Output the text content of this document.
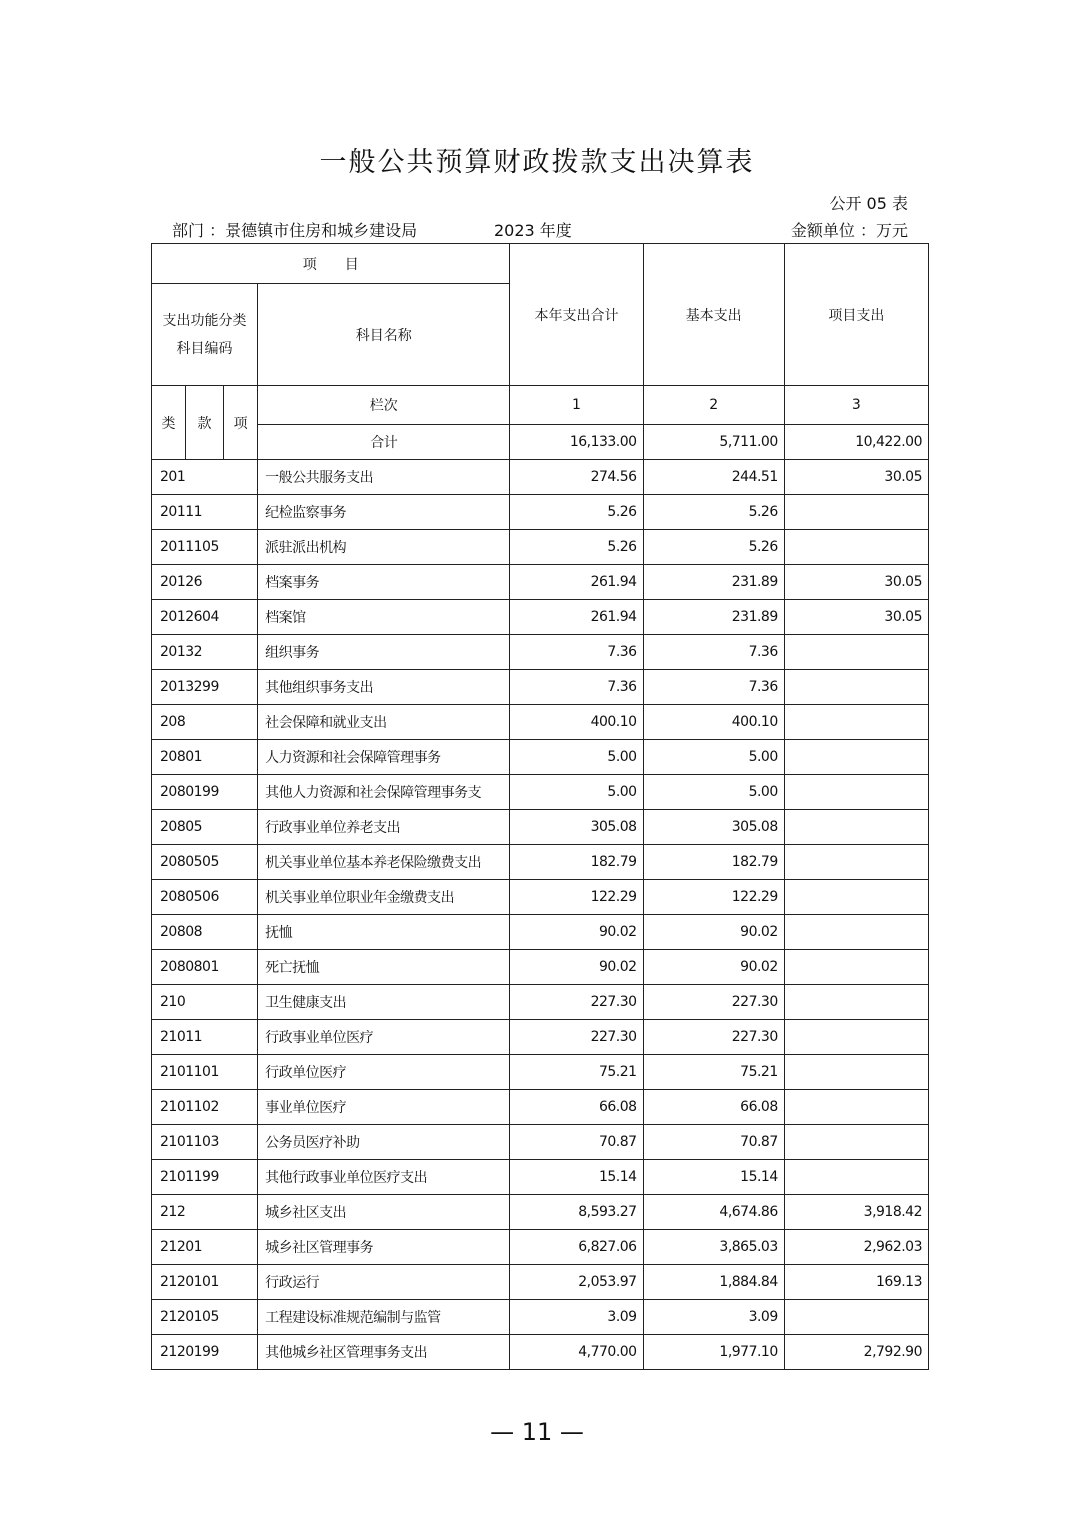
一般公共预算财政拨款支出决算表
公开 05 表
部门 ：景德镇市住房和城乡建设局	2023 年度	金额单位 ：万元
项　　目				本年支出合计	基本支出	项目支出
支出功能分类科目编码			科目名称			
类	款	项	栏次	1	2	3
			合计	16,133.00	5,711.00	10,422.00
201			一般公共服务支出	274.56	244.51	30.05
20111			纪检监察事务	5.26	5.26	
2011105			派驻派出机构	5.26	5.26	
20126			档案事务	261.94	231.89	30.05
2012604			档案馆	261.94	231.89	30.05
20132			组织事务	7.36	7.36	
2013299			其他组织事务支出	7.36	7.36	
208			社会保障和就业支出	400.10	400.10	
20801			人力资源和社会保障管理事务	5.00	5.00	
2080199			其他人力资源和社会保障管理事务支	5.00	5.00	
20805			行政事业单位养老支出	305.08	305.08	
2080505			机关事业单位基本养老保险缴费支出	182.79	182.79	
2080506			机关事业单位职业年金缴费支出	122.29	122.29	
20808			抚恤	90.02	90.02	
2080801			死亡抚恤	90.02	90.02	
210			卫生健康支出	227.30	227.30	
21011			行政事业单位医疗	227.30	227.30	
2101101			行政单位医疗	75.21	75.21	
2101102			事业单位医疗	66.08	66.08	
2101103			公务员医疗补助	70.87	70.87	
2101199			其他行政事业单位医疗支出	15.14	15.14	
212			城乡社区支出	8,593.27	4,674.86	3,918.42
21201			城乡社区管理事务	6,827.06	3,865.03	2,962.03
2120101			行政运行	2,053.97	1,884.84	169.13
2120105			工程建设标准规范编制与监管	3.09	3.09	
2120199			其他城乡社区管理事务支出	4,770.00	1,977.10	2,792.90
— 11 —
